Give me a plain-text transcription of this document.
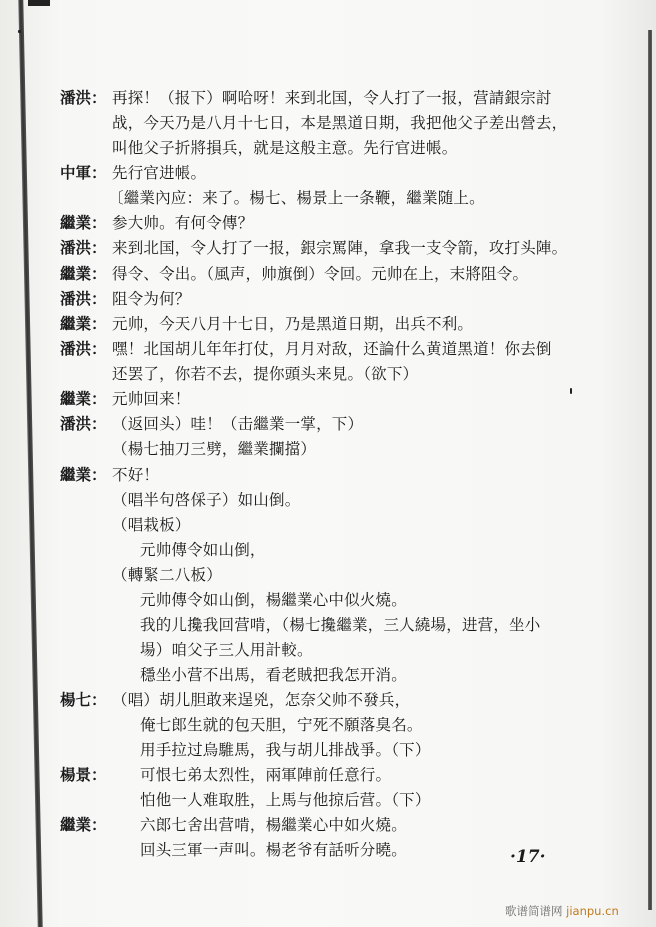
潘洪： 再探！（报下）啊哈呀！来到北国，令人打了一报，营請銀宗討
战，今天乃是八月十七日，本是黑道日期，我把他父子差出營去，
叫他父子折將損兵，就是这般主意。先行官进帳。
中軍： 先行官进帳。
〔繼業內应：来了。楊七、楊景上一条鞭，繼業随上。
繼業： 参大帅。有何令傳？
潘洪： 来到北国，令人打了一报，銀宗罵陣，拿我一支令箭，攻打头陣。
繼業： 得令、令出。（風声，帅旗倒）令回。元帅在上，末將阻令。
潘洪： 阻令为何？
繼業： 元帅，今天八月十七日，乃是黑道日期，出兵不利。
潘洪： 嘿！北国胡儿年年打仗，月月对敌，还論什么黄道黑道！你去倒
还罢了，你若不去，提你頭头来見。（欲下）
繼業： 元帅回来！
潘洪： （返回头）哇！（击繼業一掌，下）
（楊七抽刀三劈，繼業攔擋）
繼業： 不好！
（唱半句啓倸子）如山倒。
（唱栽板）
元帅傳令如山倒，
（轉緊二八板）
元帅傳令如山倒，楊繼業心中似火燒。
我的儿攙我回营啃，（楊七攙繼業，三人繞場，进营，坐小
場）咱父子三人用計較。
穩坐小营不出馬，看老賊把我怎开消。
楊七： （唱）胡儿胆敢来逞兇，怎奈父帅不發兵，
俺七郎生就的包天胆，宁死不願落臭名。
用手拉过烏騅馬，我与胡儿排战爭。（下）
楊景： 可恨七弟太烈性，兩軍陣前任意行。
怕他一人难取胜，上馬与他掠后营。（下）
繼業： 六郎七舍出营啃，楊繼業心中如火燒。
回头三軍一声叫。楊老爷有話听分曉。	·17·
歌谱简谱网 jianpu.cn
